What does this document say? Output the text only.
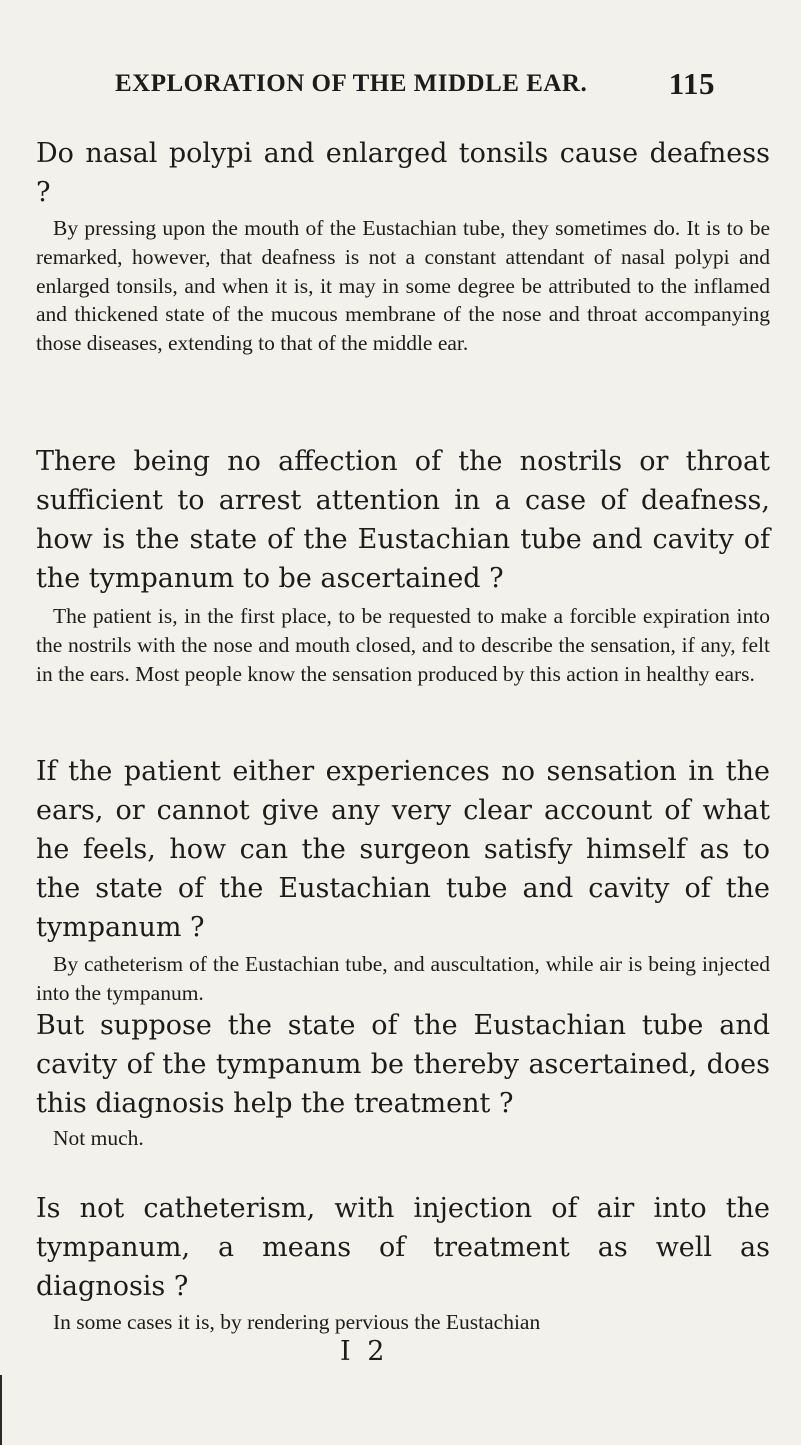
EXPLORATION OF THE MIDDLE EAR.	115
Do nasal polypi and enlarged tonsils cause deafness ?
By pressing upon the mouth of the Eustachian tube, they sometimes do. It is to be remarked, however, that deafness is not a constant attendant of nasal polypi and enlarged tonsils, and when it is, it may in some degree be attributed to the inflamed and thickened state of the mucous membrane of the nose and throat accompanying those diseases, extending to that of the middle ear.
There being no affection of the nostrils or throat sufficient to arrest attention in a case of deafness, how is the state of the Eustachian tube and cavity of the tympanum to be ascertained ?
The patient is, in the first place, to be requested to make a forcible expiration into the nostrils with the nose and mouth closed, and to describe the sensation, if any, felt in the ears. Most people know the sensation produced by this action in healthy ears.
If the patient either experiences no sensation in the ears, or cannot give any very clear account of what he feels, how can the surgeon satisfy himself as to the state of the Eustachian tube and cavity of the tympanum ?
By catheterism of the Eustachian tube, and auscultation, while air is being injected into the tympanum.
But suppose the state of the Eustachian tube and cavity of the tympanum be thereby ascertained, does this diagnosis help the treatment ?
Not much.
Is not catheterism, with injection of air into the tympanum, a means of treatment as well as diagnosis ?
In some cases it is, by rendering pervious the Eustachian
I 2
